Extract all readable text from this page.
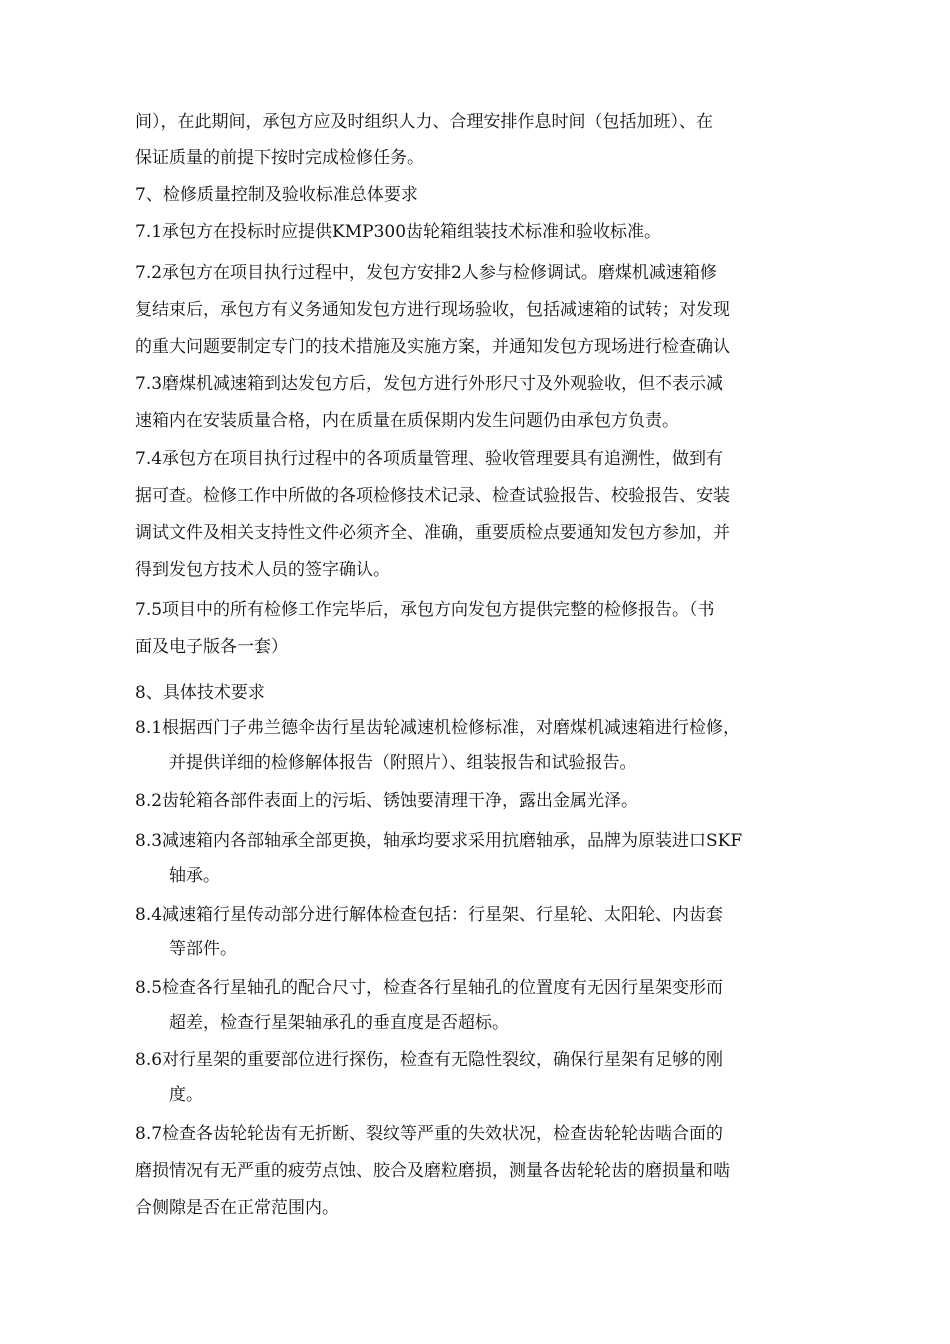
间），在此期间，承包方应及时组织人力、合理安排作息时间（包括加班）、在
保证质量的前提下按时完成检修任务。
7、检修质量控制及验收标准总体要求
7.1承包方在投标时应提供KMP300齿轮箱组装技术标准和验收标准。
7.2承包方在项目执行过程中，发包方安排2人参与检修调试。磨煤机减速箱修
复结束后，承包方有义务通知发包方进行现场验收，包括减速箱的试转；对发现
的重大问题要制定专门的技术措施及实施方案，并通知发包方现场进行检查确认
7.3磨煤机减速箱到达发包方后，发包方进行外形尺寸及外观验收，但不表示减
速箱内在安装质量合格，内在质量在质保期内发生问题仍由承包方负责。
7.4承包方在项目执行过程中的各项质量管理、验收管理要具有追溯性，做到有
据可查。检修工作中所做的各项检修技术记录、检查试验报告、校验报告、安装
调试文件及相关支持性文件必须齐全、准确，重要质检点要通知发包方参加，并
得到发包方技术人员的签字确认。
7.5项目中的所有检修工作完毕后，承包方向发包方提供完整的检修报告。（书
面及电子版各一套）
8、具体技术要求
8.1根据西门子弗兰德伞齿行星齿轮减速机检修标准，对磨煤机减速箱进行检修，
并提供详细的检修解体报告（附照片）、组装报告和试验报告。
8.2齿轮箱各部件表面上的污垢、锈蚀要清理干净，露出金属光泽。
8.3减速箱内各部轴承全部更换，轴承均要求采用抗磨轴承，品牌为原装进口SKF
轴承。
8.4减速箱行星传动部分进行解体检查包括：行星架、行星轮、太阳轮、内齿套
等部件。
8.5检查各行星轴孔的配合尺寸，检查各行星轴孔的位置度有无因行星架变形而
超差，检查行星架轴承孔的垂直度是否超标。
8.6对行星架的重要部位进行探伤，检查有无隐性裂纹，确保行星架有足够的刚
度。
8.7检查各齿轮轮齿有无折断、裂纹等严重的失效状况，检查齿轮轮齿啮合面的
磨损情况有无严重的疲劳点蚀、胶合及磨粒磨损，测量各齿轮轮齿的磨损量和啮
合侧隙是否在正常范围内。
